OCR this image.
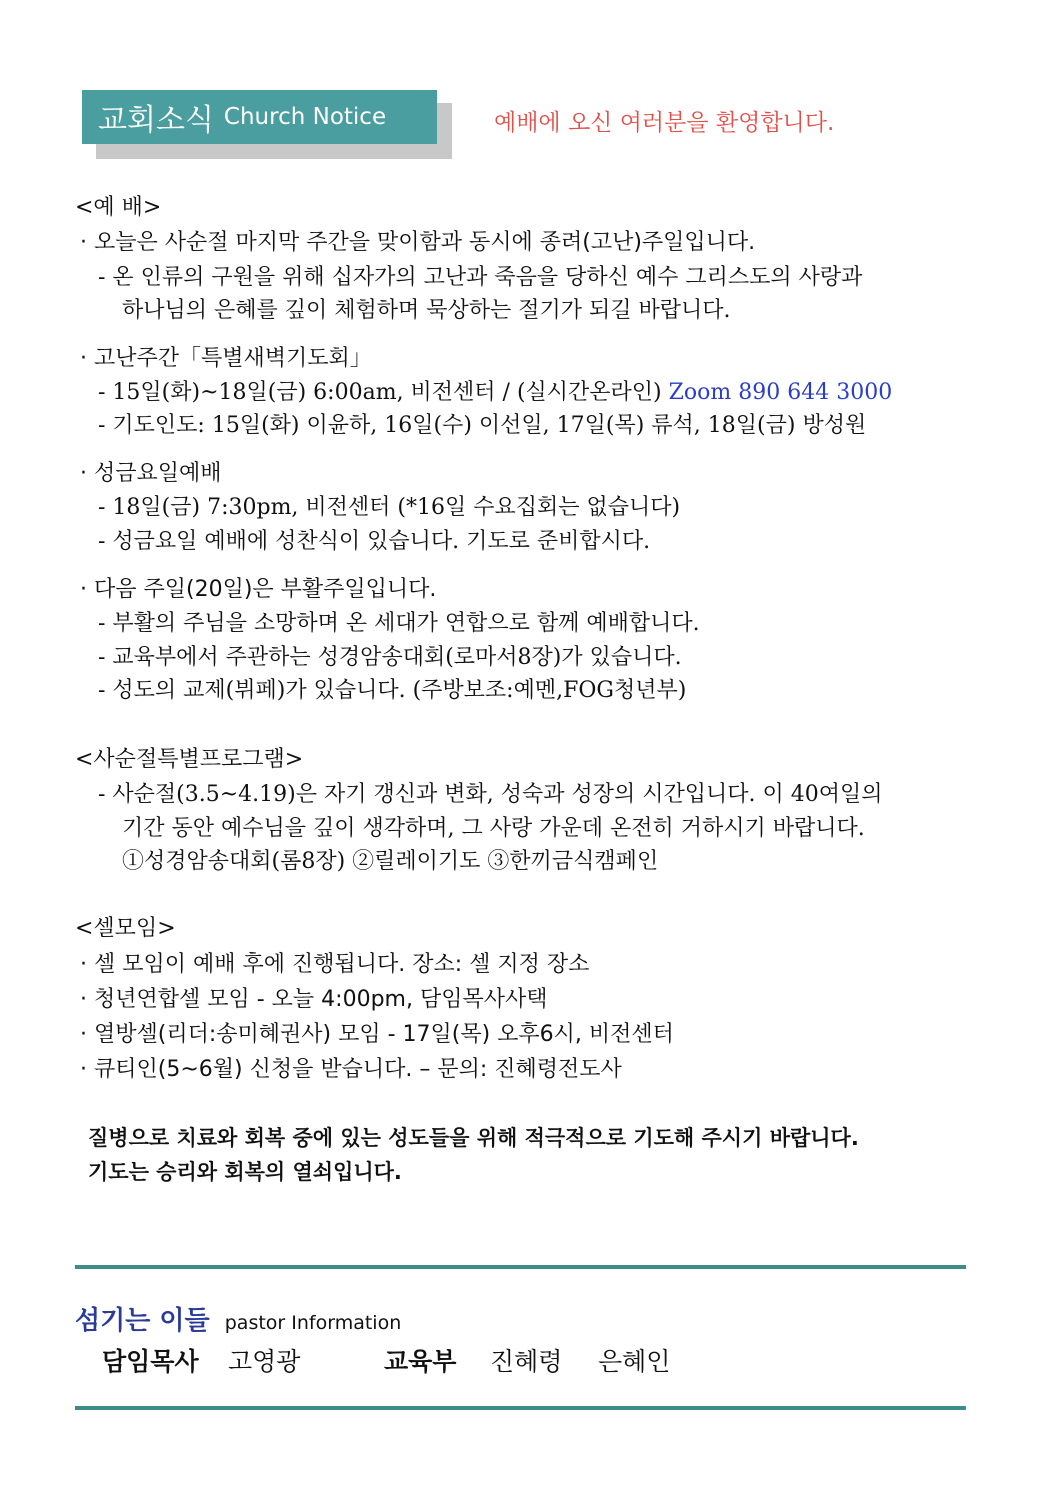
교회소식 Church Notice	예배에 오신 여러분을 환영합니다.
<예 배>
· 오늘은 사순절 마지막 주간을 맞이함과 동시에 종려(고난)주일입니다.
- 온 인류의 구원을 위해 십자가의 고난과 죽음을 당하신 예수 그리스도의 사랑과
하나님의 은혜를 깊이 체험하며 묵상하는 절기가 되길 바랍니다.
· 고난주간「특별새벽기도회」
- 15일(화)~18일(금) 6:00am, 비전센터 / (실시간온라인) Zoom 890 644 3000
- 기도인도: 15일(화) 이윤하, 16일(수) 이선일, 17일(목) 류석, 18일(금) 방성원
· 성금요일예배
- 18일(금) 7:30pm, 비전센터 (*16일 수요집회는 없습니다)
- 성금요일 예배에 성찬식이 있습니다. 기도로 준비합시다.
· 다음 주일(20일)은 부활주일입니다.
- 부활의 주님을 소망하며 온 세대가 연합으로 함께 예배합니다.
- 교육부에서 주관하는 성경암송대회(로마서8장)가 있습니다.
- 성도의 교제(뷔페)가 있습니다. (주방보조:예멘,FOG청년부)
<사순절특별프로그램>
- 사순절(3.5~4.19)은 자기 갱신과 변화, 성숙과 성장의 시간입니다. 이 40여일의
기간 동안 예수님을 깊이 생각하며, 그 사랑 가운데 온전히 거하시기 바랍니다.
①성경암송대회(롬8장) ②릴레이기도 ③한끼금식캠페인
<셀모임>
· 셀 모임이 예배 후에 진행됩니다. 장소: 셀 지정 장소
· 청년연합셀 모임 - 오늘 4:00pm, 담임목사사택
· 열방셀(리더:송미혜권사) 모임 - 17일(목) 오후6시, 비전센터
· 큐티인(5~6월) 신청을 받습니다. – 문의: 진혜령전도사
질병으로 치료와 회복 중에 있는 성도들을 위해 적극적으로 기도해 주시기 바랍니다.
기도는 승리와 회복의 열쇠입니다.
섬기는 이들 pastor Information
담임목사 고영광	교육부 진혜령 은혜인
